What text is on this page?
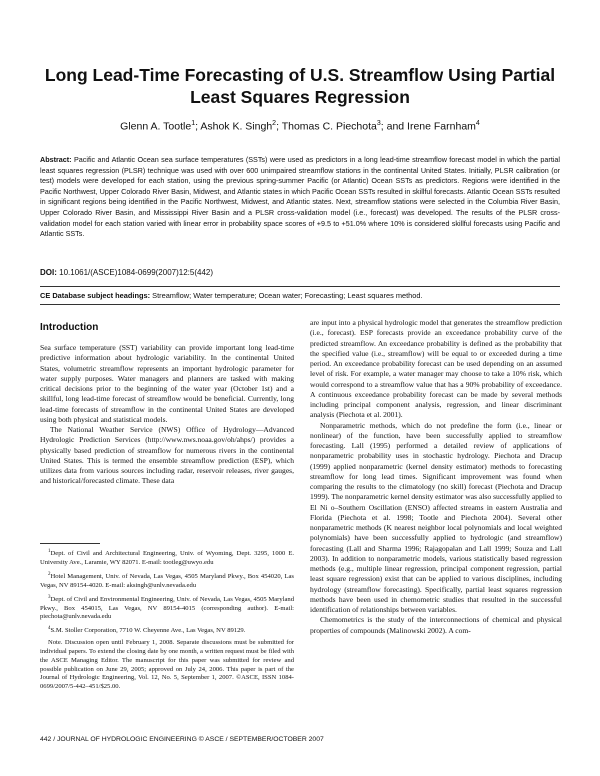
Long Lead-Time Forecasting of U.S. Streamflow Using Partial Least Squares Regression
Glenn A. Tootle$^1$; Ashok K. Singh$^2$; Thomas C. Piechota$^3$; and Irene Farnham$^4$
Abstract: Pacific and Atlantic Ocean sea surface temperatures (SSTs) were used as predictors in a long lead-time streamflow forecast model in which the partial least squares regression (PLSR) technique was used with over 600 unimpaired streamflow stations in the continental United States. Initially, PLSR calibration (or test) models were developed for each station, using the previous spring-summer Pacific (or Atlantic) Ocean SSTs as predictors. Regions were identified in the Pacific Northwest, Upper Colorado River Basin, Midwest, and Atlantic states in which Pacific Ocean SSTs resulted in skillful forecasts. Atlantic Ocean SSTs resulted in significant regions being identified in the Pacific Northwest, Midwest, and Atlantic states. Next, streamflow stations were selected in the Columbia River Basin, Upper Colorado River Basin, and Mississippi River Basin and a PLSR cross-validation model (i.e., forecast) was developed. The results of the PLSR cross-validation model for each station varied with linear error in probability space scores of +9.5 to +51.0% where 10% is considered skillful forecasts using Pacific and Atlantic SSTs.
DOI: 10.1061/(ASCE)1084-0699(2007)12:5(442)
CE Database subject headings: Streamflow; Water temperature; Ocean water; Forecasting; Least squares method.
Introduction

Sea surface temperature (SST) variability can provide important long lead-time predictive information about hydrologic variability. In the continental United States, volumetric streamflow represents an important hydrologic parameter for water supply purposes. Water managers and planners are tasked with making critical decisions prior to the beginning of the water year (October 1st) and a skillful, long lead-time forecast of streamflow would be beneficial. Currently, long lead-time forecasts of streamflow in the continental United States are developed using both physical and statistical models.

The National Weather Service (NWS) Office of Hydrology—Advanced Hydrologic Prediction Services (http://www.nws.noaa.gov/oh/ahps/) provides a physically based prediction of streamflow for numerous rivers in the continental United States. This is termed the ensemble streamflow prediction (ESP), which utilizes data from various sources including radar, reservoir releases, river gauges, and historical/forecasted climate. These data

are input into a physical hydrologic model that generates the streamflow prediction (i.e., forecast). ESP forecasts provide an exceedance probability curve of the predicted streamflow. An exceedance probability is defined as the probability that the specified value (i.e., streamflow) will be equal to or exceeded during a time period. An exceedance probability forecast can be used depending on an assumed level of risk. For example, a water manager may choose to take a 10% risk, which would correspond to a streamflow value that has a 90% probability of exceedance. A continuous exceedance probability forecast can be made by several methods including principal component analysis, regression, and linear discriminant analysis (Piechota et al. 2001).

Nonparametric methods, which do not predefine the form (i.e., linear or nonlinear) of the function, have been successfully applied to streamflow forecasting. Lall (1995) performed a detailed review of applications of nonparametric probability uses in stochastic hydrology. Piechota and Dracup (1999) applied nonparametric (kernel density estimator) methods to forecasting streamflow for long lead times. Significant improvement was found when comparing the results to the climatology (no skill) forecast (Piechota and Dracup 1999). The nonparametric kernel density estimator was also successfully applied to El Ni o–Southern Oscillation (ENSO) affected streams in eastern Australia and Florida (Piechota et al. 1998; Tootle and Piechota 2004). Several other nonparametric methods (K nearest neighbor local polynomials and local weighted polynomials) have been successfully applied to hydrologic (and streamflow) forecasting (Lall and Sharma 1996; Rajagopalan and Lall 1999; Souza and Lall 2003). In addition to nonparametric models, various statistically based regression methods (e.g., multiple linear regression, principal component regression, partial least square regression) exist that can be applied to various disciplines, including hydrology (streamflow forecasting). Specifically, partial least squares regression methods have been used in chemometric studies that resulted in the successful identification of relationships between variables.

Chemometrics is the study of the interconnections of chemical and physical properties of compounds (Malinowski 2002). A com-

$^1$Dept. of Civil and Architectural Engineering, Univ. of Wyoming, Dept. 3295, 1000 E. University Ave., Laramie, WY 82071. E-mail: tootleg@uwyo.edu

$^2$Hotel Management, Univ. of Nevada, Las Vegas, 4505 Maryland Pkwy., Box 454020, Las Vegas, NV 89154-4020. E-mail: aksingh@unlv.nevada.edu

$^3$Dept. of Civil and Environmental Engineering, Univ. of Nevada, Las Vegas, 4505 Maryland Pkwy., Box 454015, Las Vegas, NV 89154-4015 (corresponding author). E-mail: piechota@unlv.nevada.edu

$^4$S.M. Stoller Corporation, 7710 W. Cheyenne Ave., Las Vegas, NV 89129.

Note. Discussion open until February 1, 2008. Separate discussions must be submitted for individual papers. To extend the closing date by one month, a written request must be filed with the ASCE Managing Editor. The manuscript for this paper was submitted for review and possible publication on June 29, 2005; approved on July 24, 2006. This paper is part of the Journal of Hydrologic Engineering, Vol. 12, No. 5, September 1, 2007. ©ASCE, ISSN 1084-0699/2007/5-442–451/$25.00.

442 / JOURNAL OF HYDROLOGIC ENGINEERING © ASCE / SEPTEMBER/OCTOBER 2007
